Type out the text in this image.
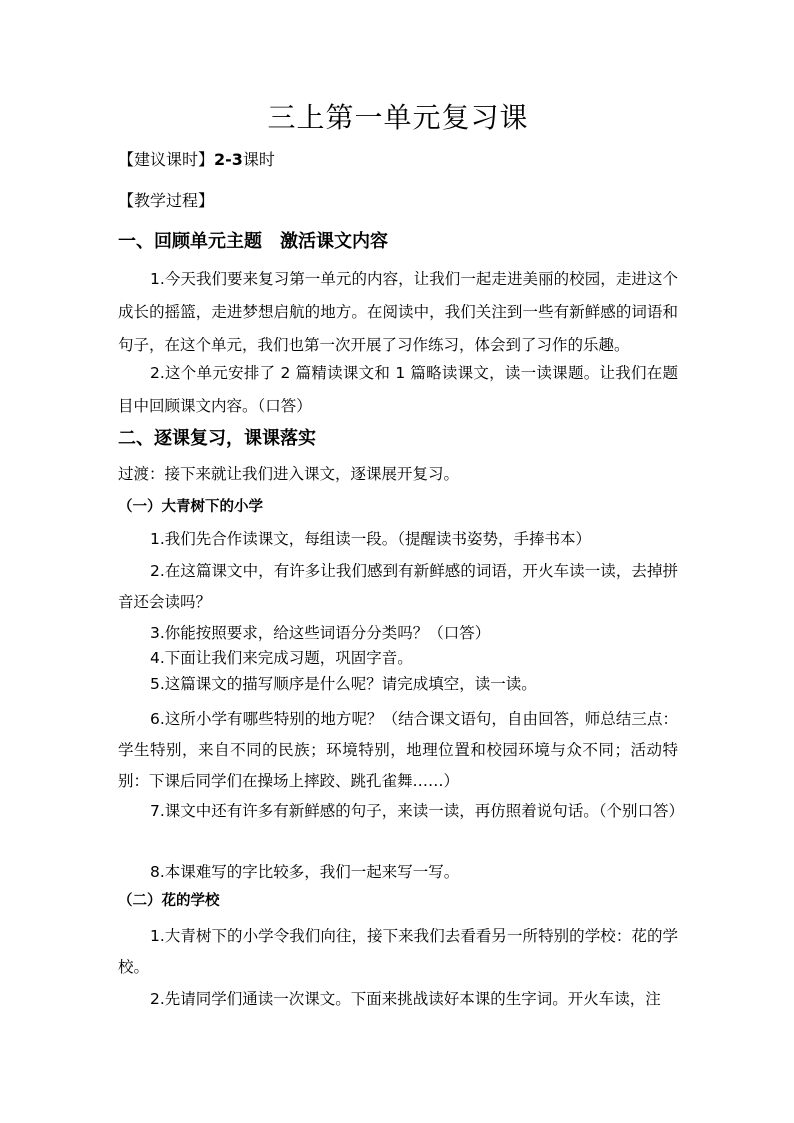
三上第一单元复习课
【建议课时】2-3课时
【教学过程】
一、回顾单元主题　激活课文内容
1.今天我们要来复习第一单元的内容，让我们一起走进美丽的校园，走进这个成长的摇篮，走进梦想启航的地方。在阅读中，我们关注到一些有新鲜感的词语和句子，在这个单元，我们也第一次开展了习作练习，体会到了习作的乐趣。
2.这个单元安排了 2 篇精读课文和 1 篇略读课文，读一读课题。让我们在题目中回顾课文内容。（口答）
二、逐课复习，课课落实
过渡：接下来就让我们进入课文，逐课展开复习。
（一）大青树下的小学
1.我们先合作读课文，每组读一段。（提醒读书姿势，手捧书本）
2.在这篇课文中，有许多让我们感到有新鲜感的词语，开火车读一读，去掉拼音还会读吗？
3.你能按照要求，给这些词语分分类吗？（口答）
4.下面让我们来完成习题，巩固字音。
5.这篇课文的描写顺序是什么呢？请完成填空，读一读。
6.这所小学有哪些特别的地方呢？（结合课文语句，自由回答，师总结三点：学生特别，来自不同的民族；环境特别，地理位置和校园环境与众不同；活动特别：下课后同学们在操场上摔跤、跳孔雀舞……）
7.课文中还有许多有新鲜感的句子，来读一读，再仿照着说句话。（个别口答）
8.本课难写的字比较多，我们一起来写一写。
（二）花的学校
1.大青树下的小学令我们向往，接下来我们去看看另一所特别的学校：花的学校。
2.先请同学们通读一次课文。下面来挑战读好本课的生字词。开火车读，注
